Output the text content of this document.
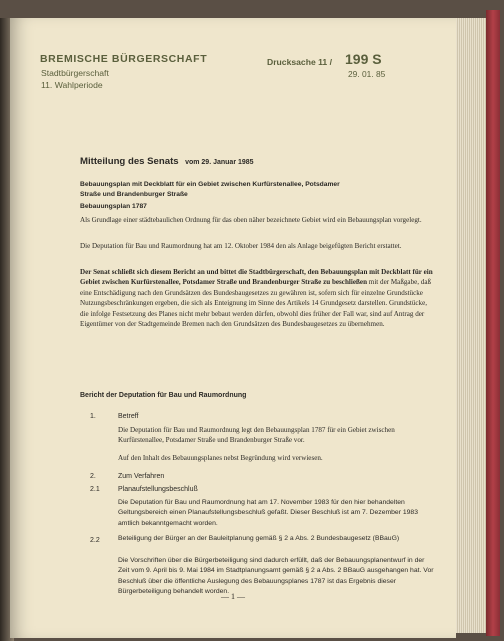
BREMISCHE BÜRGERSCHAFT
Stadtbürgerschaft
11. Wahlperiode
Drucksache 11 / 199 S
29. 01. 85
Mitteilung des Senats vom 29. Januar 1985
Bebauungsplan mit Deckblatt für ein Gebiet zwischen Kurfürstenallee, Potsdamer
Straße und Brandenburger Straße
Bebauungsplan 1787

Als Grundlage einer städtebaulichen Ordnung für das oben näher bezeichnete Gebiet wird ein Bebauungsplan vorgelegt.

Die Deputation für Bau und Raumordnung hat am 12. Oktober 1984 den als Anlage beigefügten Bericht erstattet.

Der Senat schließt sich diesem Bericht an und bittet die Stadtbürgerschaft, den Bebauungsplan mit Deckblatt für ein Gebiet zwischen Kurfürstenallee, Potsdamer Straße und Brandenburger Straße zu beschließen mit der Maßgabe, daß eine Entschädigung nach den Grundsätzen des Bundesbaugesetzes zu gewähren ist, sofern sich für einzelne Grundstücke Nutzungsbeschränkungen ergeben, die sich als Enteignung im Sinne des Artikels 14 Grundgesetz darstellen. Grundstücke, die infolge Festsetzung des Planes nicht mehr bebaut werden dürfen, obwohl dies früher der Fall war, sind auf Antrag der Eigentümer von der Stadtgemeinde Bremen nach den Grundsätzen des Bundesbaugesetzes zu übernehmen.

Bericht der Deputation für Bau und Raumordnung
1.	Betreff

Die Deputation für Bau und Raumordnung legt den Bebauungsplan 1787 für ein Gebiet zwischen Kurfürstenallee, Potsdamer Straße und Brandenburger Straße vor.

Auf den Inhalt des Bebauungsplanes nebst Begründung wird verwiesen.

2.	Zum Verfahren
2.1	Planaufstellungsbeschluß

Die Deputation für Bau und Raumordnung hat am 17. November 1983 für den hier behandelten Geltungsbereich einen Planaufstellungsbeschluß gefaßt. Dieser Beschluß ist am 7. Dezember 1983 amtlich bekanntgemacht worden.

2.2	Beteiligung der Bürger an der Bauleitplanung gemäß § 2 a Abs. 2 Bundesbaugesetz (BBauG)

Die Vorschriften über die Bürgerbeteiligung sind dadurch erfüllt, daß der Bebauungsplanentwurf in der Zeit vom 9. April bis 9. Mai 1984 im Stadtplanungsamt gemäß § 2 a Abs. 2 BBauG ausgehangen hat. Vor Beschluß über die öffentliche Auslegung des Bebauungsplanes 1787 ist das Ergebnis dieser Bürgerbeteiligung behandelt worden.

— 1 —
